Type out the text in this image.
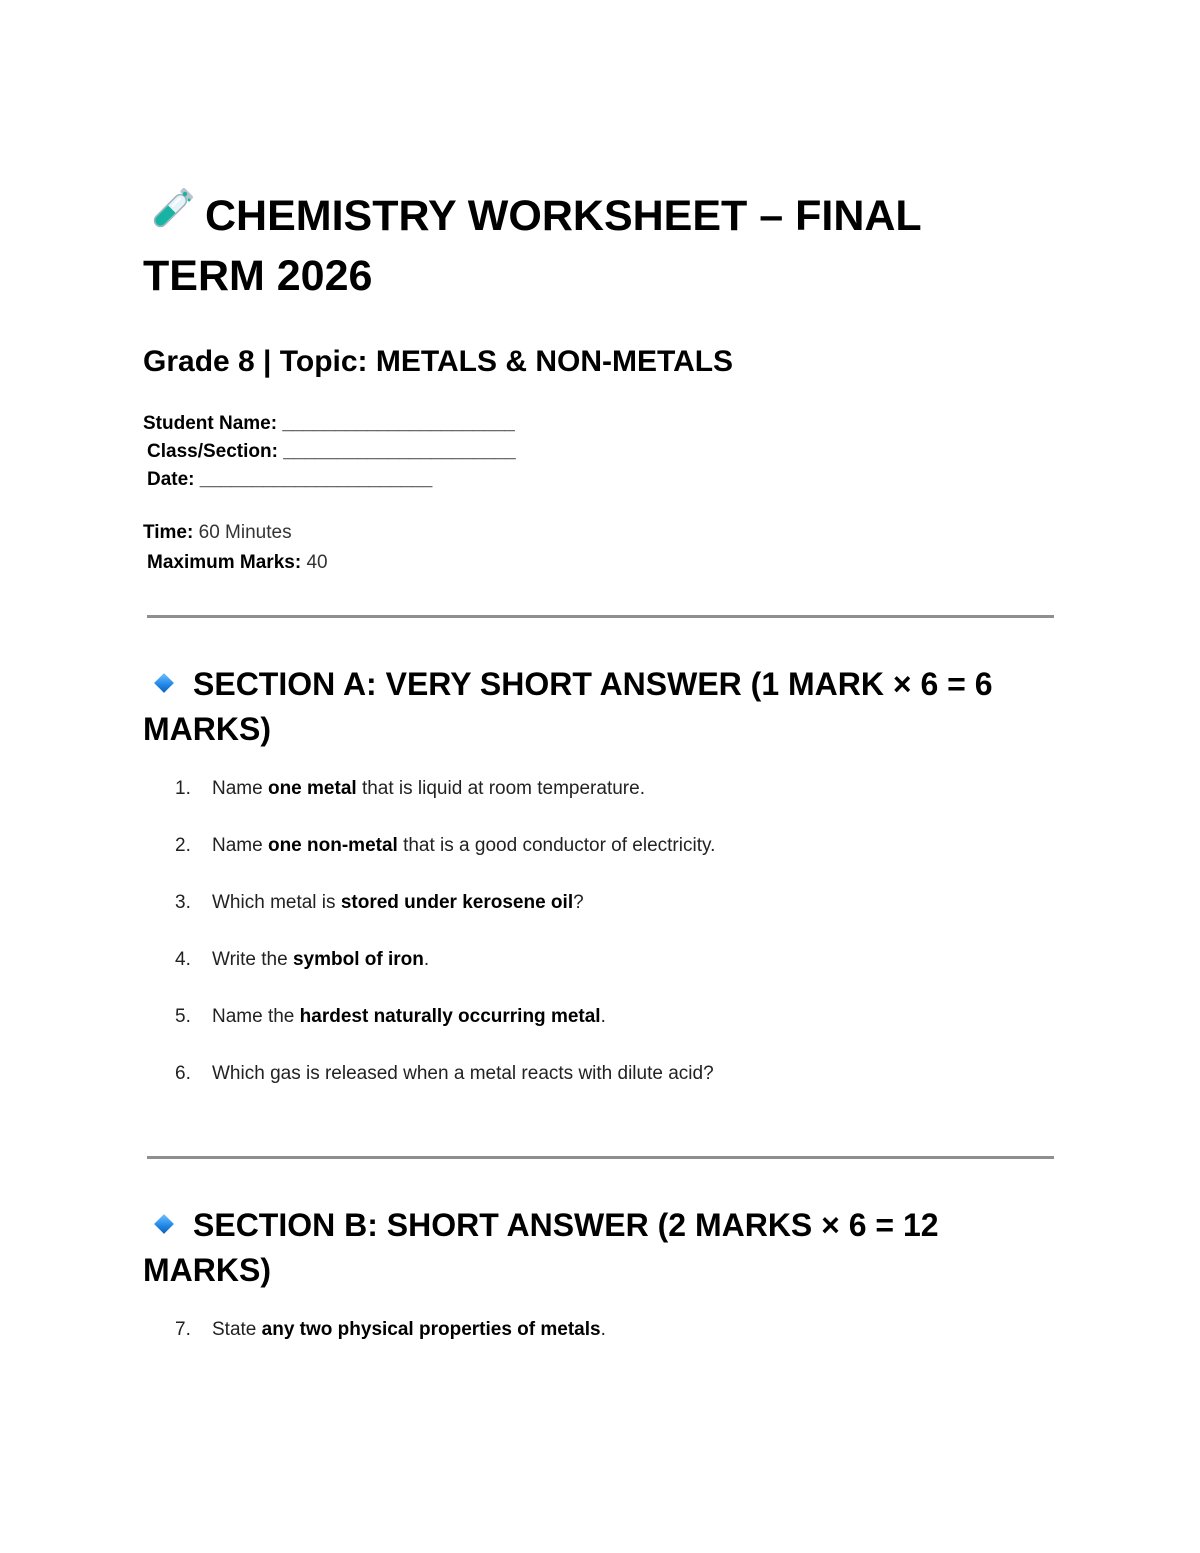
CHEMISTRY WORKSHEET – FINAL TERM 2026
Grade 8 | Topic: METALS & NON-METALS
Student Name: ______________________
Class/Section: ______________________
Date: ______________________
Time: 60 Minutes
Maximum Marks: 40
SECTION A: VERY SHORT ANSWER (1 MARK × 6 = 6 MARKS)
1.	Name one metal that is liquid at room temperature.
2.	Name one non-metal that is a good conductor of electricity.
3.	Which metal is stored under kerosene oil?
4.	Write the symbol of iron.
5.	Name the hardest naturally occurring metal.
6.	Which gas is released when a metal reacts with dilute acid?
SECTION B: SHORT ANSWER (2 MARKS × 6 = 12 MARKS)
7.	State any two physical properties of metals.
